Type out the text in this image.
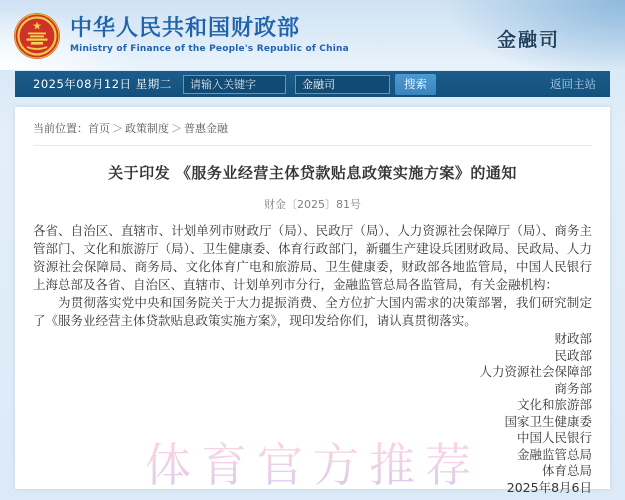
★ 中华人民共和国财政部
Ministry of Finance of the People's Republic of China	金融司
2025年08月12日 星期二
请输入关键字
金融司	搜索	返回主站
当前位置：首页 ＞ 政策制度 ＞ 普惠金融
关于印发 《服务业经营主体贷款贴息政策实施方案》的通知
财金〔2025〕81号

各省、自治区、直辖市、计划单列市财政厅（局）、民政厅（局）、人力资源社会保障厅（局）、商务主管部门、文化和旅游厅（局）、卫生健康委、体育行政部门，新疆生产建设兵团财政局、民政局、人力资源社会保障局、商务局、文化体育广电和旅游局、卫生健康委，财政部各地监管局，中国人民银行上海总部及各省、自治区、直辖市、计划单列市分行，金融监管总局各监管局，有关金融机构：

为贯彻落实党中央和国务院关于大力提振消费、全方位扩大国内需求的决策部署，我们研究制定了《服务业经营主体贷款贴息政策实施方案》，现印发给你们，请认真贯彻落实。

财政部
民政部
人力资源社会保障部
商务部
文化和旅游部
国家卫生健康委
中国人民银行
金融监管总局
体育总局
2025年8月6日
体育官方推荐
